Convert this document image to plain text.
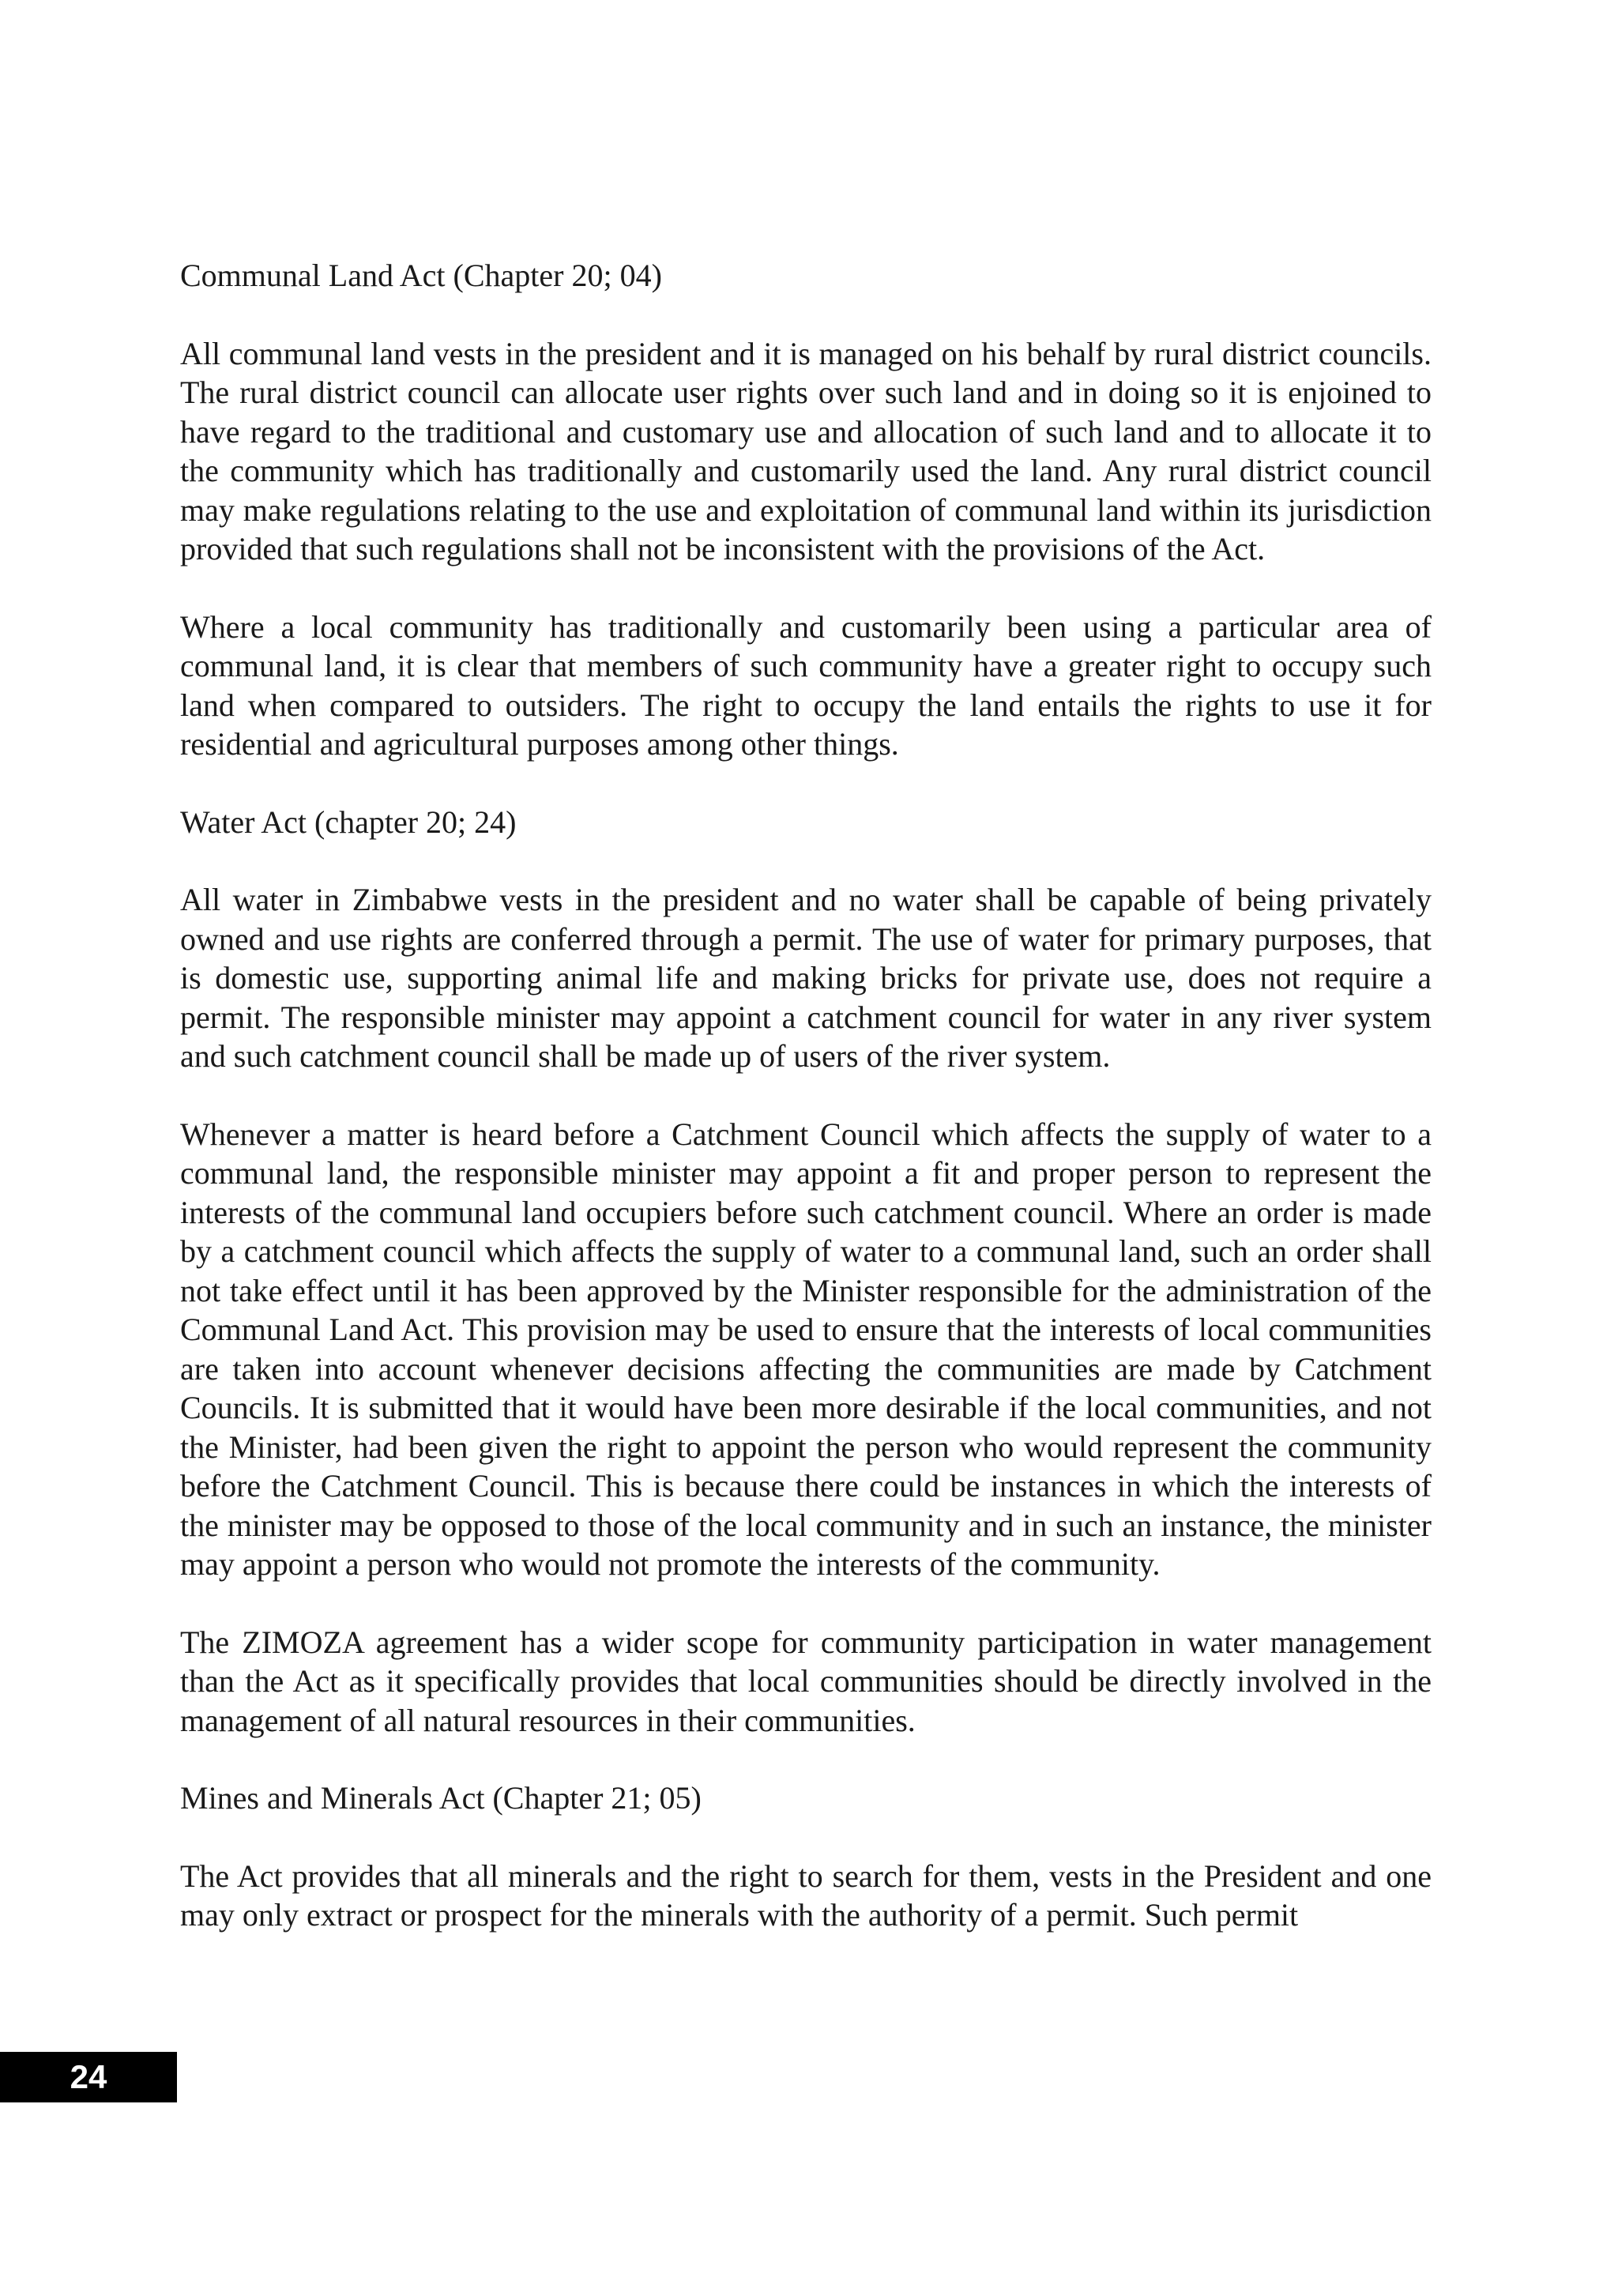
Communal Land Act (Chapter 20; 04)

All communal land vests in the president and it is managed on his behalf by rural district councils. The rural district council can allocate user rights over such land and in doing so it is enjoined to have regard to the traditional and customary use and allocation of such land and to allocate it to the community which has traditionally and customarily used the land. Any rural district council may make regulations relating to the use and exploitation of communal land within its jurisdiction provided that such regulations shall not be inconsistent with the provisions of the Act.

Where a local community has traditionally and customarily been using a particular area of communal land, it is clear that members of such community have a greater right to occupy such land when compared to outsiders. The right to occupy the land entails the rights to use it for residential and agricultural purposes among other things.

Water Act (chapter 20; 24)

All water in Zimbabwe vests in the president and no water shall be capable of being privately owned and use rights are conferred through a permit. The use of water for primary purposes, that is domestic use, supporting animal life and making bricks for private use, does not require a permit. The responsible minister may appoint a catchment council for water in any river system and such catchment council shall be made up of users of the river system.

Whenever a matter is heard before a Catchment Council which affects the supply of water to a communal land, the responsible minister may appoint a fit and proper person to represent the interests of the communal land occupiers before such catchment council. Where an order is made by a catchment council which affects the supply of water to a communal land, such an order shall not take effect until it has been approved by the Minister responsible for the administration of the Communal Land Act. This provision may be used to ensure that the interests of local communities are taken into account whenever decisions affecting the communities are made by Catchment Councils. It is submitted that it would have been more desirable if the local communities, and not the Minister, had been given the right to appoint the person who would represent the community before the Catchment Council. This is because there could be instances in which the interests of the minister may be opposed to those of the local community and in such an instance, the minister may appoint a person who would not promote the interests of the community.

The ZIMOZA agreement has a wider scope for community participation in water management than the Act as it specifically provides that local communities should be directly involved in the management of all natural resources in their communities.

Mines and Minerals Act (Chapter 21; 05)

The Act provides that all minerals and the right to search for them, vests in the President and one may only extract or prospect for the minerals with the authority of a permit. Such permit

24
